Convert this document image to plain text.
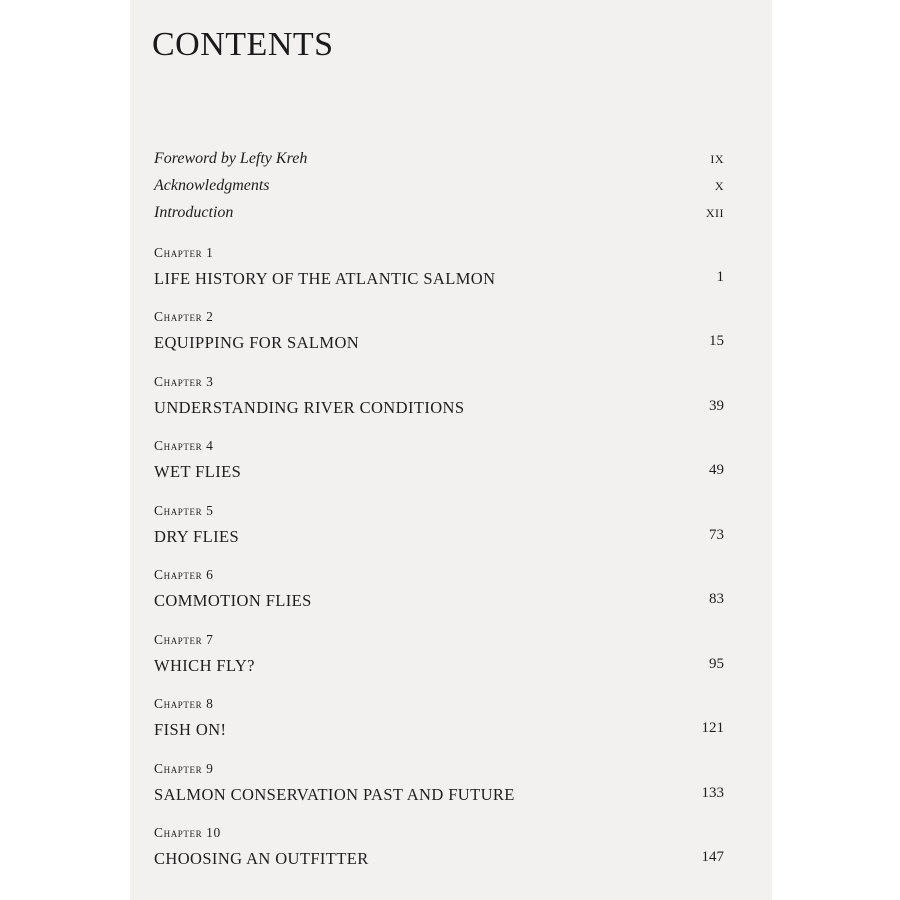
CONTENTS
Foreword by Lefty Kreh	IX
Acknowledgments	X
Introduction	XII
Chapter 1
LIFE HISTORY OF THE ATLANTIC SALMON	1
Chapter 2
EQUIPPING FOR SALMON	15
Chapter 3
UNDERSTANDING RIVER CONDITIONS	39
Chapter 4
WET FLIES	49
Chapter 5
DRY FLIES	73
Chapter 6
COMMOTION FLIES	83
Chapter 7
WHICH FLY?	95
Chapter 8
FISH ON!	121
Chapter 9
SALMON CONSERVATION PAST AND FUTURE	133
Chapter 10
CHOOSING AN OUTFITTER	147
